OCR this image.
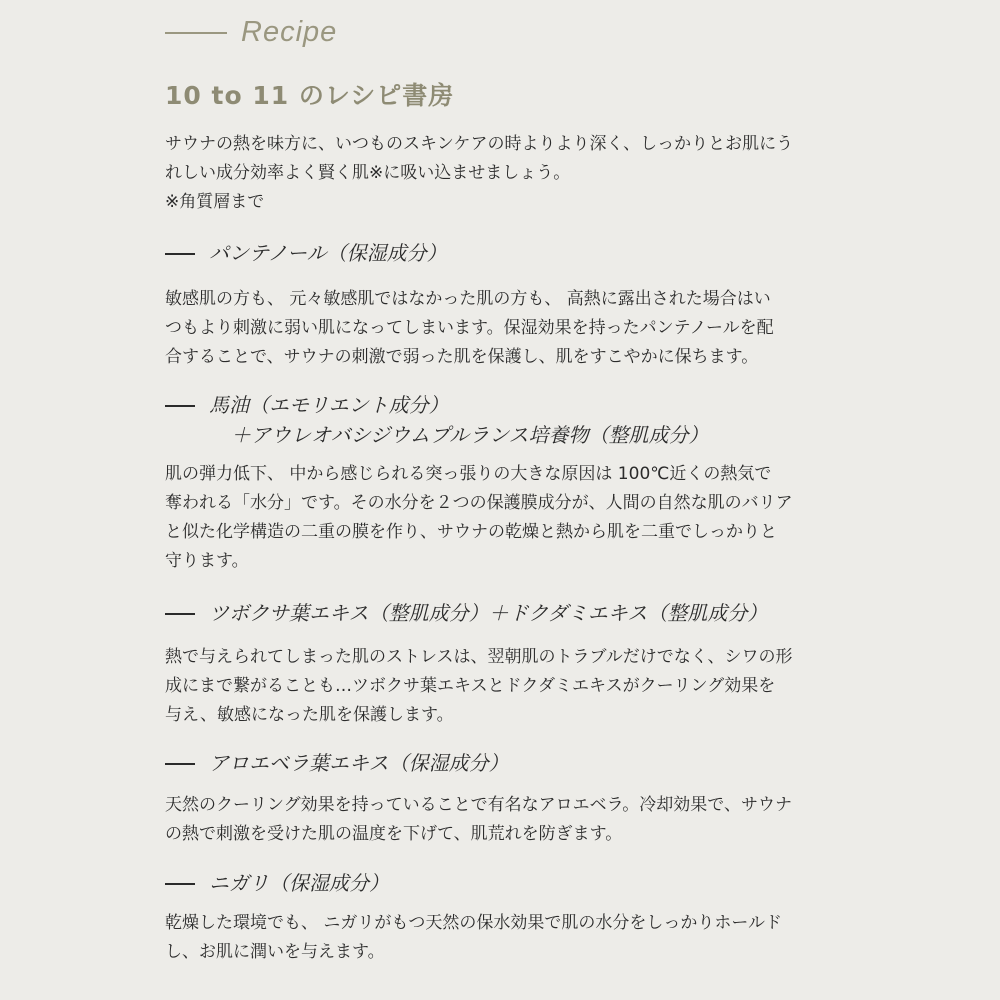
Recipe
10 to 11 のレシピ書房

サウナの熱を味方に、いつものスキンケアの時よりより深く、しっかりとお肌にう

れしい成分効率よく賢く肌※に吸い込ませましょう。

※角質層まで

パンテノール（保湿成分）

敏感肌の方も、 元々敏感肌ではなかった肌の方も、 高熱に露出された場合はい

つもより刺激に弱い肌になってしまいます。保湿効果を持ったパンテノールを配

合することで、サウナの刺激で弱った肌を保護し、肌をすこやかに保ちます。

馬油（エモリエント成分）

　＋アウレオバシジウムプルランス培養物（整肌成分）

肌の弾力低下、 中から感じられる突っ張りの大きな原因は 100℃近くの熱気で

奪われる「水分」です。その水分を２つの保護膜成分が、人間の自然な肌のバリア

と似た化学構造の二重の膜を作り、サウナの乾燥と熱から肌を二重でしっかりと

守ります。

ツボクサ葉エキス（整肌成分）＋ドクダミエキス（整肌成分）

熱で与えられてしまった肌のストレスは、翌朝肌のトラブルだけでなく、シワの形

成にまで繋がることも…ツボクサ葉エキスとドクダミエキスがクーリング効果を

与え、敏感になった肌を保護します。

アロエベラ葉エキス（保湿成分）

天然のクーリング効果を持っていることで有名なアロエベラ。冷却効果で、サウナ

の熱で刺激を受けた肌の温度を下げて、肌荒れを防ぎます。

ニガリ（保湿成分）

乾燥した環境でも、 ニガリがもつ天然の保水効果で肌の水分をしっかりホールド

し、お肌に潤いを与えます。
